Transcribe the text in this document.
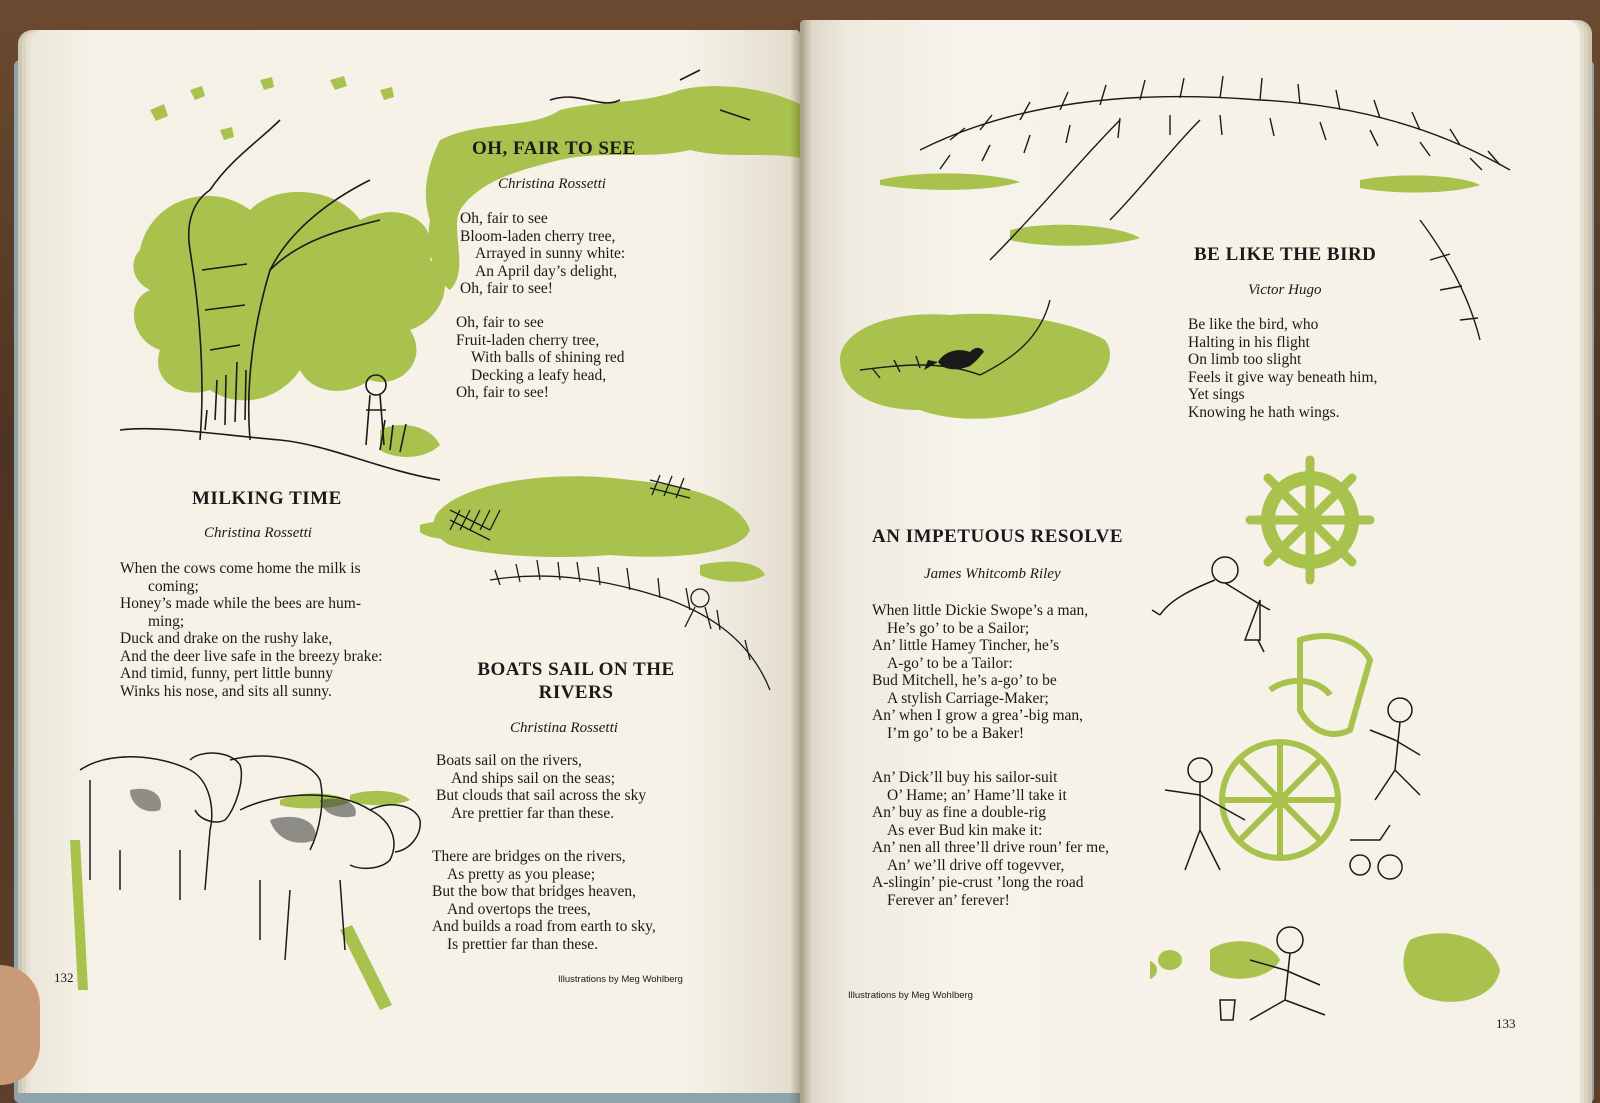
OH, FAIR TO SEE
Christina Rossetti
Oh, fair to see
Bloom-laden cherry tree,
Arrayed in sunny white:
An April day’s delight,
Oh, fair to see!
Oh, fair to see
Fruit-laden cherry tree,
With balls of shining red
Decking a leafy head,
Oh, fair to see!
MILKING TIME
Christina Rossetti
When the cows come home the milk is
coming;
Honey’s made while the bees are hum-
ming;
Duck and drake on the rushy lake,
And the deer live safe in the breezy brake:
And timid, funny, pert little bunny
Winks his nose, and sits all sunny.
BOATS SAIL ON THE
RIVERS
Christina Rossetti
Boats sail on the rivers,
And ships sail on the seas;
But clouds that sail across the sky
Are prettier far than these.
There are bridges on the rivers,
As pretty as you please;
But the bow that bridges heaven,
And overtops the trees,
And builds a road from earth to sky,
Is prettier far than these.
Illustrations by Meg Wohlberg
132
BE LIKE THE BIRD
Victor Hugo
Be like the bird, who
Halting in his flight
On limb too slight
Feels it give way beneath him,
Yet sings
Knowing he hath wings.
AN IMPETUOUS RESOLVE
James Whitcomb Riley
When little Dickie Swope’s a man,
He’s go’ to be a Sailor;
An’ little Hamey Tincher, he’s
A-go’ to be a Tailor:
Bud Mitchell, he’s a-go’ to be
A stylish Carriage-Maker;
An’ when I grow a grea’-big man,
I’m go’ to be a Baker!
An’ Dick’ll buy his sailor-suit
O’ Hame; an’ Hame’ll take it
An’ buy as fine a double-rig
As ever Bud kin make it:
An’ nen all three’ll drive roun’ fer me,
An’ we’ll drive off togevver,
A-slingin’ pie-crust ’long the road
Ferever an’ ferever!
Illustrations by Meg Wohlberg
133
